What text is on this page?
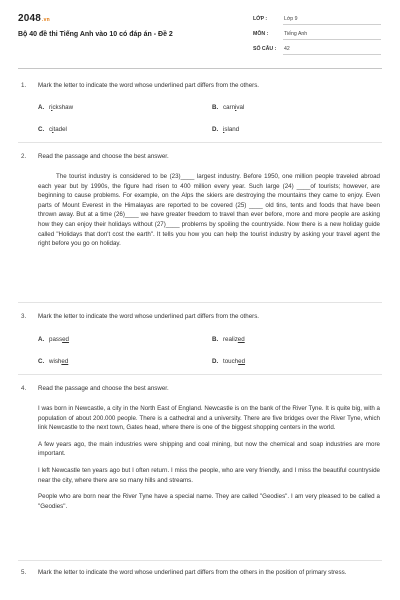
2048.vn
Bộ 40 đề thi Tiếng Anh vào 10 có đáp án - Đề 2
LỚP :	Lớp 9
MÔN :	Tiếng Anh
SỐ CÂU : 42
1. Mark the letter to indicate the word whose underlined part differs from the others.
A. rickshaw	B. carnival
C. citadel	D. island
2. Read the passage and choose the best answer.

The tourist industry is considered to be (23)____ largest industry. Before 1950, one million people traveled abroad each year but by 1990s, the figure had risen to 400 million every year. Such large (24) ____of tourists; however, are beginning to cause problems. For example, on the Alps the skiers are destroying the mountains they came to enjoy. Even parts of Mount Everest in the Himalayas are reported to be covered (25) ____ old tins, tents and foods that have been thrown away. But at a time (26)____ we have greater freedom to travel than ever before, more and more people are asking how they can enjoy their holidays without (27)____ problems by spoiling the countryside. Now there is a new holiday guide called "Holidays that don't cost the earth". It tells you how you can help the tourist industry by asking your travel agent the right before you go on holiday.

3. Mark the letter to indicate the word whose underlined part differs from the others.
A. passed	B. realized
C. wished	D. touched
4. Read the passage and choose the best answer.

I was born in Newcastle, a city in the North East of England. Newcastle is on the bank of the River Tyne. It is quite big, with a population of about 200.000 people. There is a cathedral and a university. There are five bridges over the River Tyne, which link Newcastle to the next town, Gates head, where there is one of the biggest shopping centers in the world.

A few years ago, the main industries were shipping and coal mining, but now the chemical and soap industries are more important.

I left Newcastle ten years ago but I often return. I miss the people, who are very friendly, and I miss the beautiful countryside near the city, where there are so many hills and streams.

People who are born near the River Tyne have a special name. They are called "Geodies". I am very pleased to be called a "Geodies".

5. Mark the letter to indicate the word whose underlined part differs from the others in the position of primary stress.
